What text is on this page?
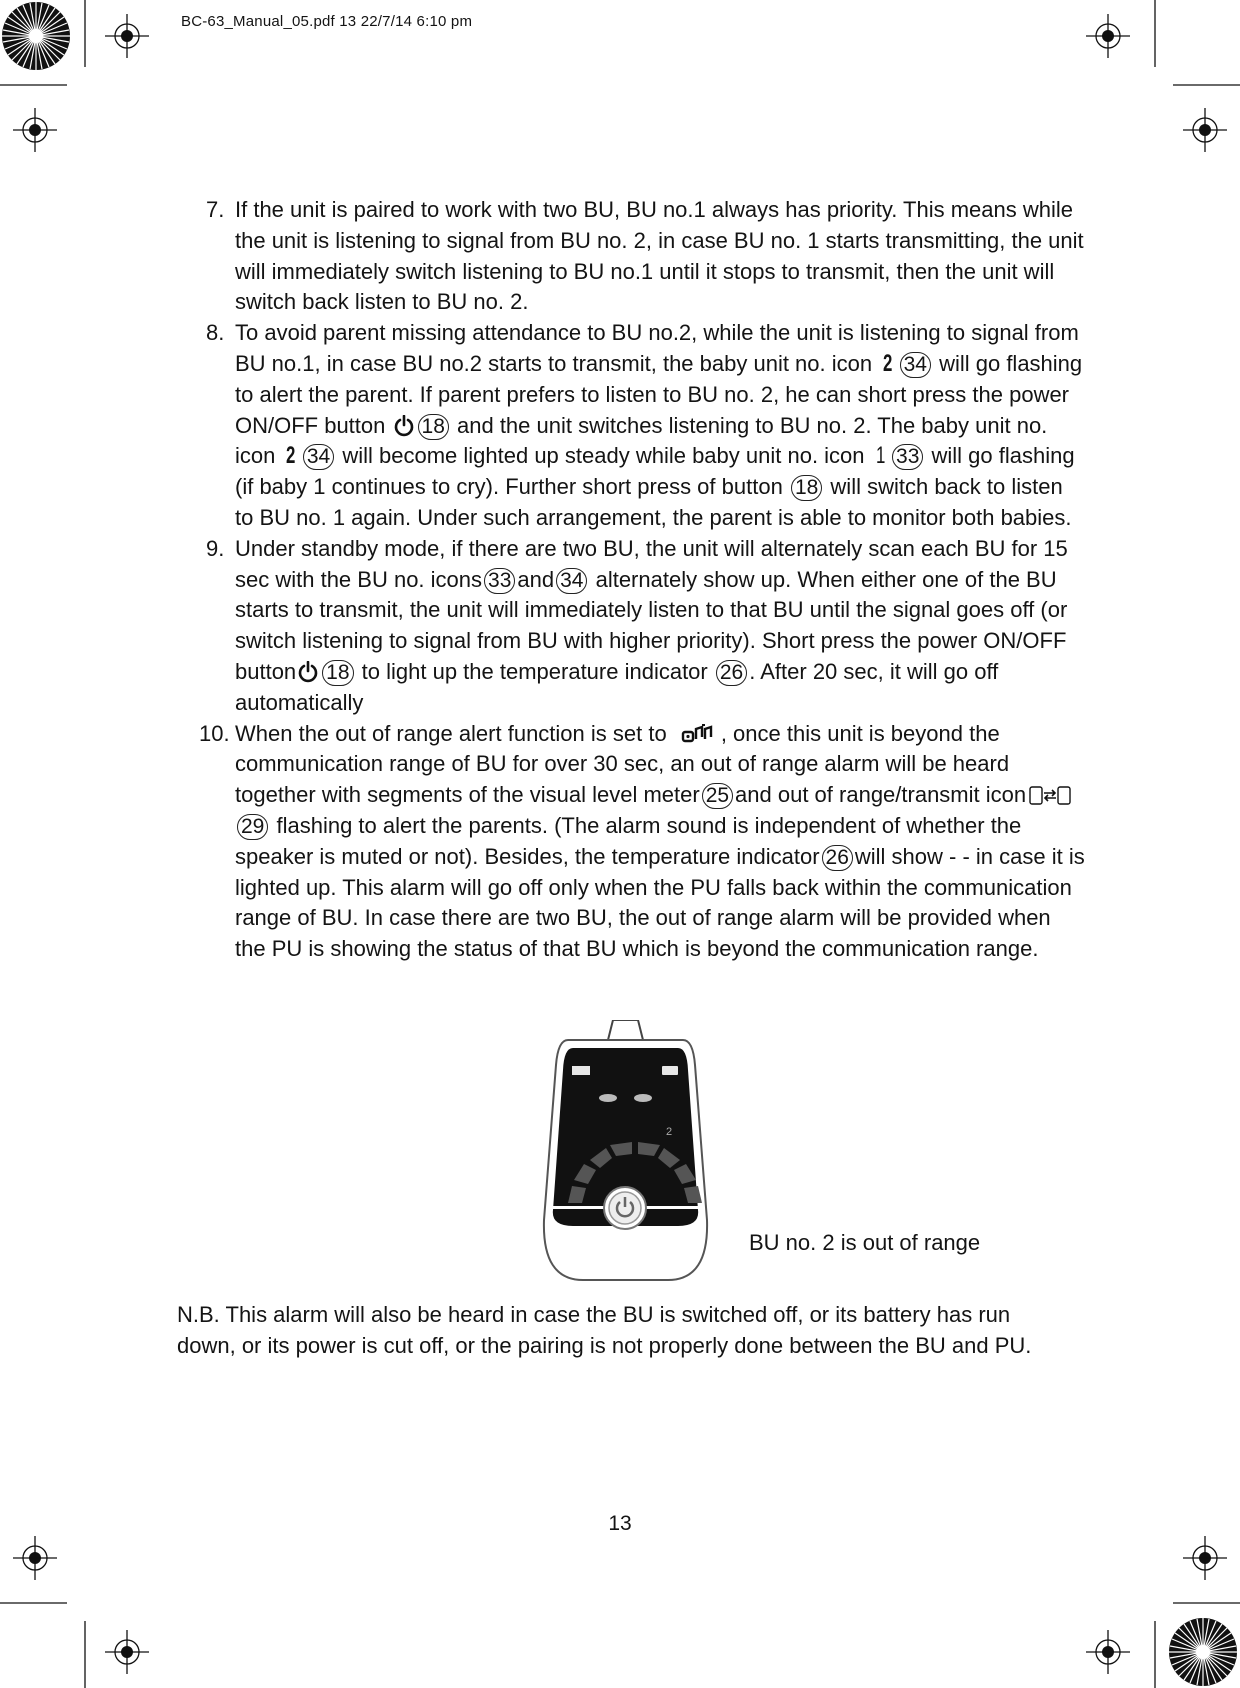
BC-63_Manual_05.pdf 13 22/7/14 6:10 pm
7. If the unit is paired to work with two BU, BU no.1 always has priority. This means while the unit is listening to signal from BU no. 2, in case BU no. 1 starts transmitting, the unit will immediately switch listening to BU no.1 until it stops to transmit, then the unit will switch back listen to BU no. 2.
8. To avoid parent missing attendance to BU no.2, while the unit is listening to signal from BU no.1, in case BU no.2 starts to transmit, the baby unit no. icon 2 34 will go flashing to alert the parent. If parent prefers to listen to BU no. 2, he can short press the power ON/OFF button 18 and the unit switches listening to BU no. 2. The baby unit no. icon 2 34 will become lighted up steady while baby unit no. icon 1 33 will go flashing (if baby 1 continues to cry). Further short press of button 18 will switch back to listen to BU no. 1 again. Under such arrangement, the parent is able to monitor both babies.
9. Under standby mode, if there are two BU, the unit will alternately scan each BU for 15 sec with the BU no. icons 33 and 34 alternately show up. When either one of the BU starts to transmit, the unit will immediately listen to that BU until the signal goes off (or switch listening to signal from BU with higher priority). Short press the power ON/OFF button 18 to light up the temperature indicator 26 . After 20 sec, it will go off automatically
10. When the out of range alert function is set to , once this unit is beyond the communication range of BU for over 30 sec, an out of range alarm will be heard together with segments of the visual level meter 25 and out of range/transmit icon29 flashing to alert the parents. (The alarm sound is independent of whether the speaker is muted or not). Besides, the temperature indicator 26 will show - - in case it is lighted up. This alarm will go off only when the PU falls back within the communication range of BU. In case there are two BU, the out of range alarm will be provided when the PU is showing the status of that BU which is beyond the communication range.
2
BU no. 2 is out of range
N.B. This alarm will also be heard in case the BU is switched off, or its battery has run down, or its power is cut off, or the pairing is not properly done between the BU and PU.
13
